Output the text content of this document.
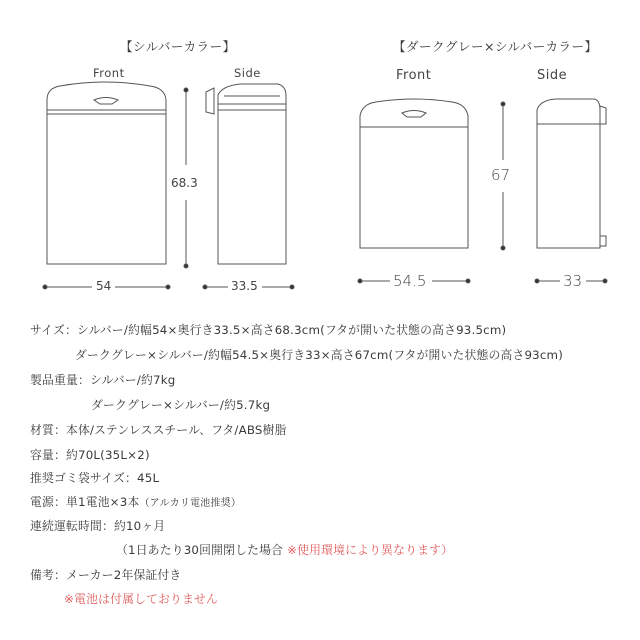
【シルバーカラー】	【ダークグレー×シルバーカラー】
Front	Side	Front	Side
68.3
54	33.5
67
54.5	33
サイズ：シルバー/約幅54×奥行き33.5×高さ68.3cm(フタが開いた状態の高さ93.5cm)
ダークグレー×シルバー/約幅54.5×奥行き33×高さ67cm(フタが開いた状態の高さ93cm)
製品重量：シルバー/約7kg
ダークグレー×シルバー/約5.7kg
材質：本体/ステンレススチール、フタ/ABS樹脂
容量：約70L(35L×2)
推奨ゴミ袋サイズ：45L
電源：単1電池×3本（アルカリ電池推奨）
連続運転時間：約10ヶ月
（1日あたり30回開閉した場合 ※使用環境により異なります）
備考：メーカー2年保証付き
※電池は付属しておりません
